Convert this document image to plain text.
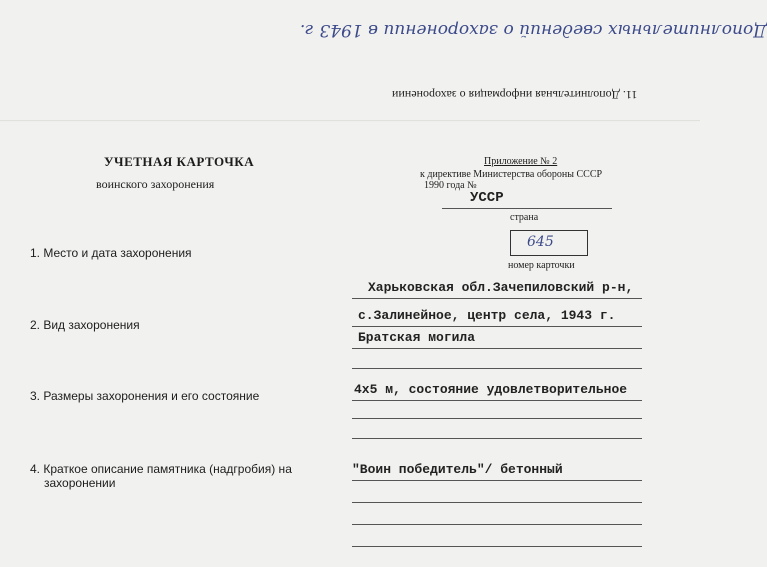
Дополнительных сведений о захоронении в 1943 г.
11. Дополнительная информация о захоронении
УЧЕТНАЯ КАРТОЧКА
воинского захоронения
Приложение № 2
к директиве Министерства обороны СССР
1990 года №
УССР
страна
645
номер карточки
1. Место и дата захоронения
Харьковская обл.Зачепиловский р-н,
с.Залинейное, центр села, 1943 г.
2. Вид захоронения
Братская могила
3. Размеры захоронения и его состояние	4х5 м, состояние удовлетворительное
4. Краткое описание памятника (надгробия) на
захоронении
"Воин победитель"/ бетонный
